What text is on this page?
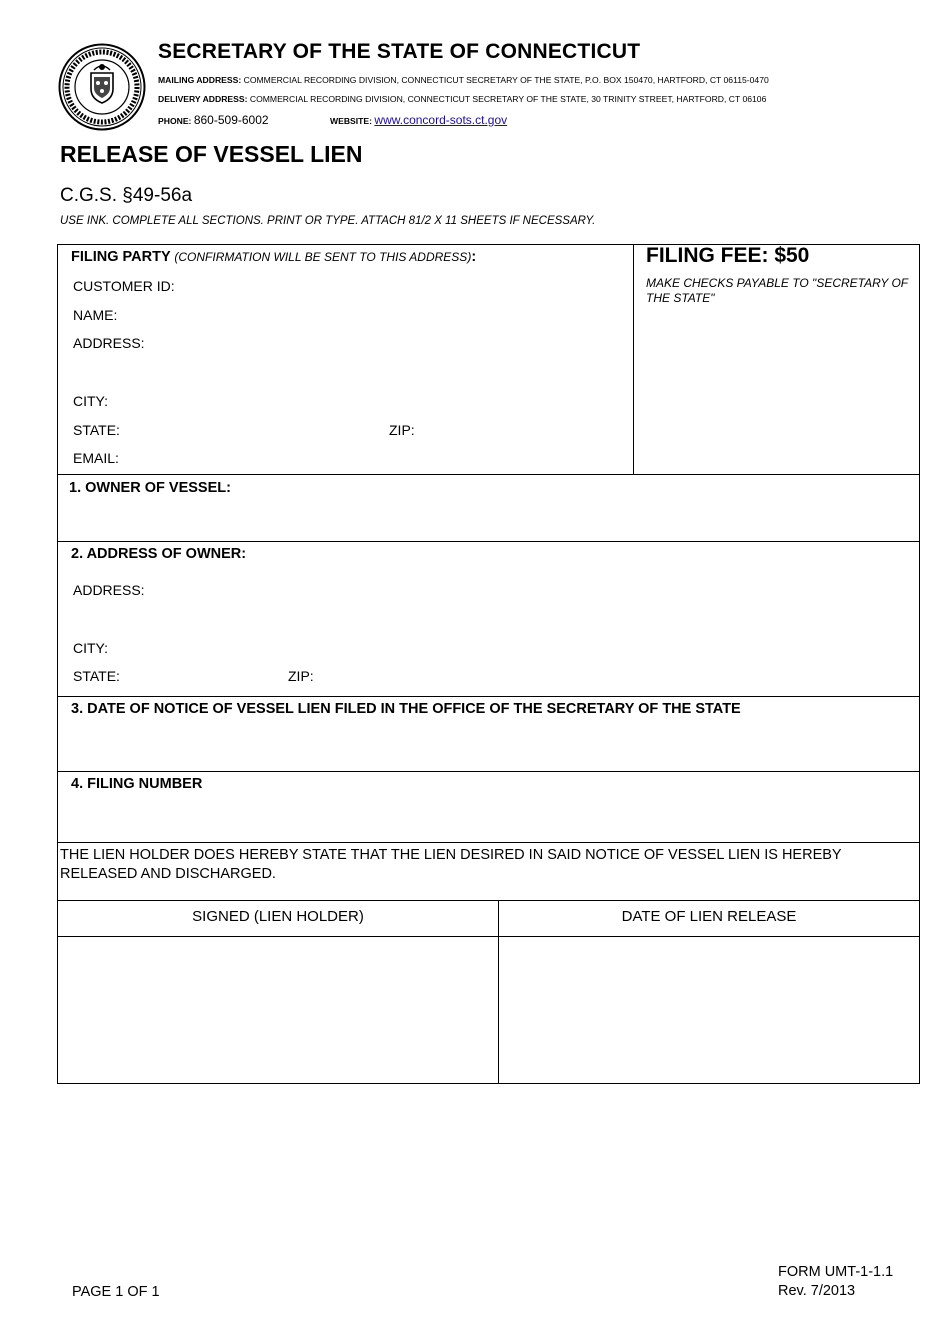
SECRETARY OF THE STATE OF CONNECTICUT
MAILING ADDRESS: COMMERCIAL RECORDING DIVISION, CONNECTICUT SECRETARY OF THE STATE, P.O. BOX 150470, HARTFORD, CT 06115-0470
DELIVERY ADDRESS: COMMERCIAL RECORDING DIVISION, CONNECTICUT SECRETARY OF THE STATE, 30 TRINITY STREET, HARTFORD, CT 06106
PHONE: 860-509-6002	WEBSITE: www.concord-sots.ct.gov
RELEASE OF VESSEL LIEN
C.G.S. §49-56a
USE INK. COMPLETE ALL SECTIONS. PRINT OR TYPE. ATTACH 81/2 X 11 SHEETS IF NECESSARY.
FILING PARTY (CONFIRMATION WILL BE SENT TO THIS ADDRESS):
CUSTOMER ID:
NAME:
ADDRESS:
CITY:
STATE:	ZIP:
EMAIL:
FILING FEE: $50
MAKE CHECKS PAYABLE TO "SECRETARY OF THE STATE"
1. OWNER OF VESSEL:
2. ADDRESS OF OWNER:
ADDRESS:
CITY:
STATE:	ZIP:
3. DATE OF NOTICE OF VESSEL LIEN FILED IN THE OFFICE OF THE SECRETARY OF THE STATE
4. FILING NUMBER
THE LIEN HOLDER DOES HEREBY STATE THAT THE LIEN DESIRED IN SAID NOTICE OF VESSEL LIEN IS HEREBY RELEASED AND DISCHARGED.
SIGNED (LIEN HOLDER)	DATE OF LIEN RELEASE
PAGE 1 OF 1
FORM UMT-1-1.1
Rev. 7/2013
